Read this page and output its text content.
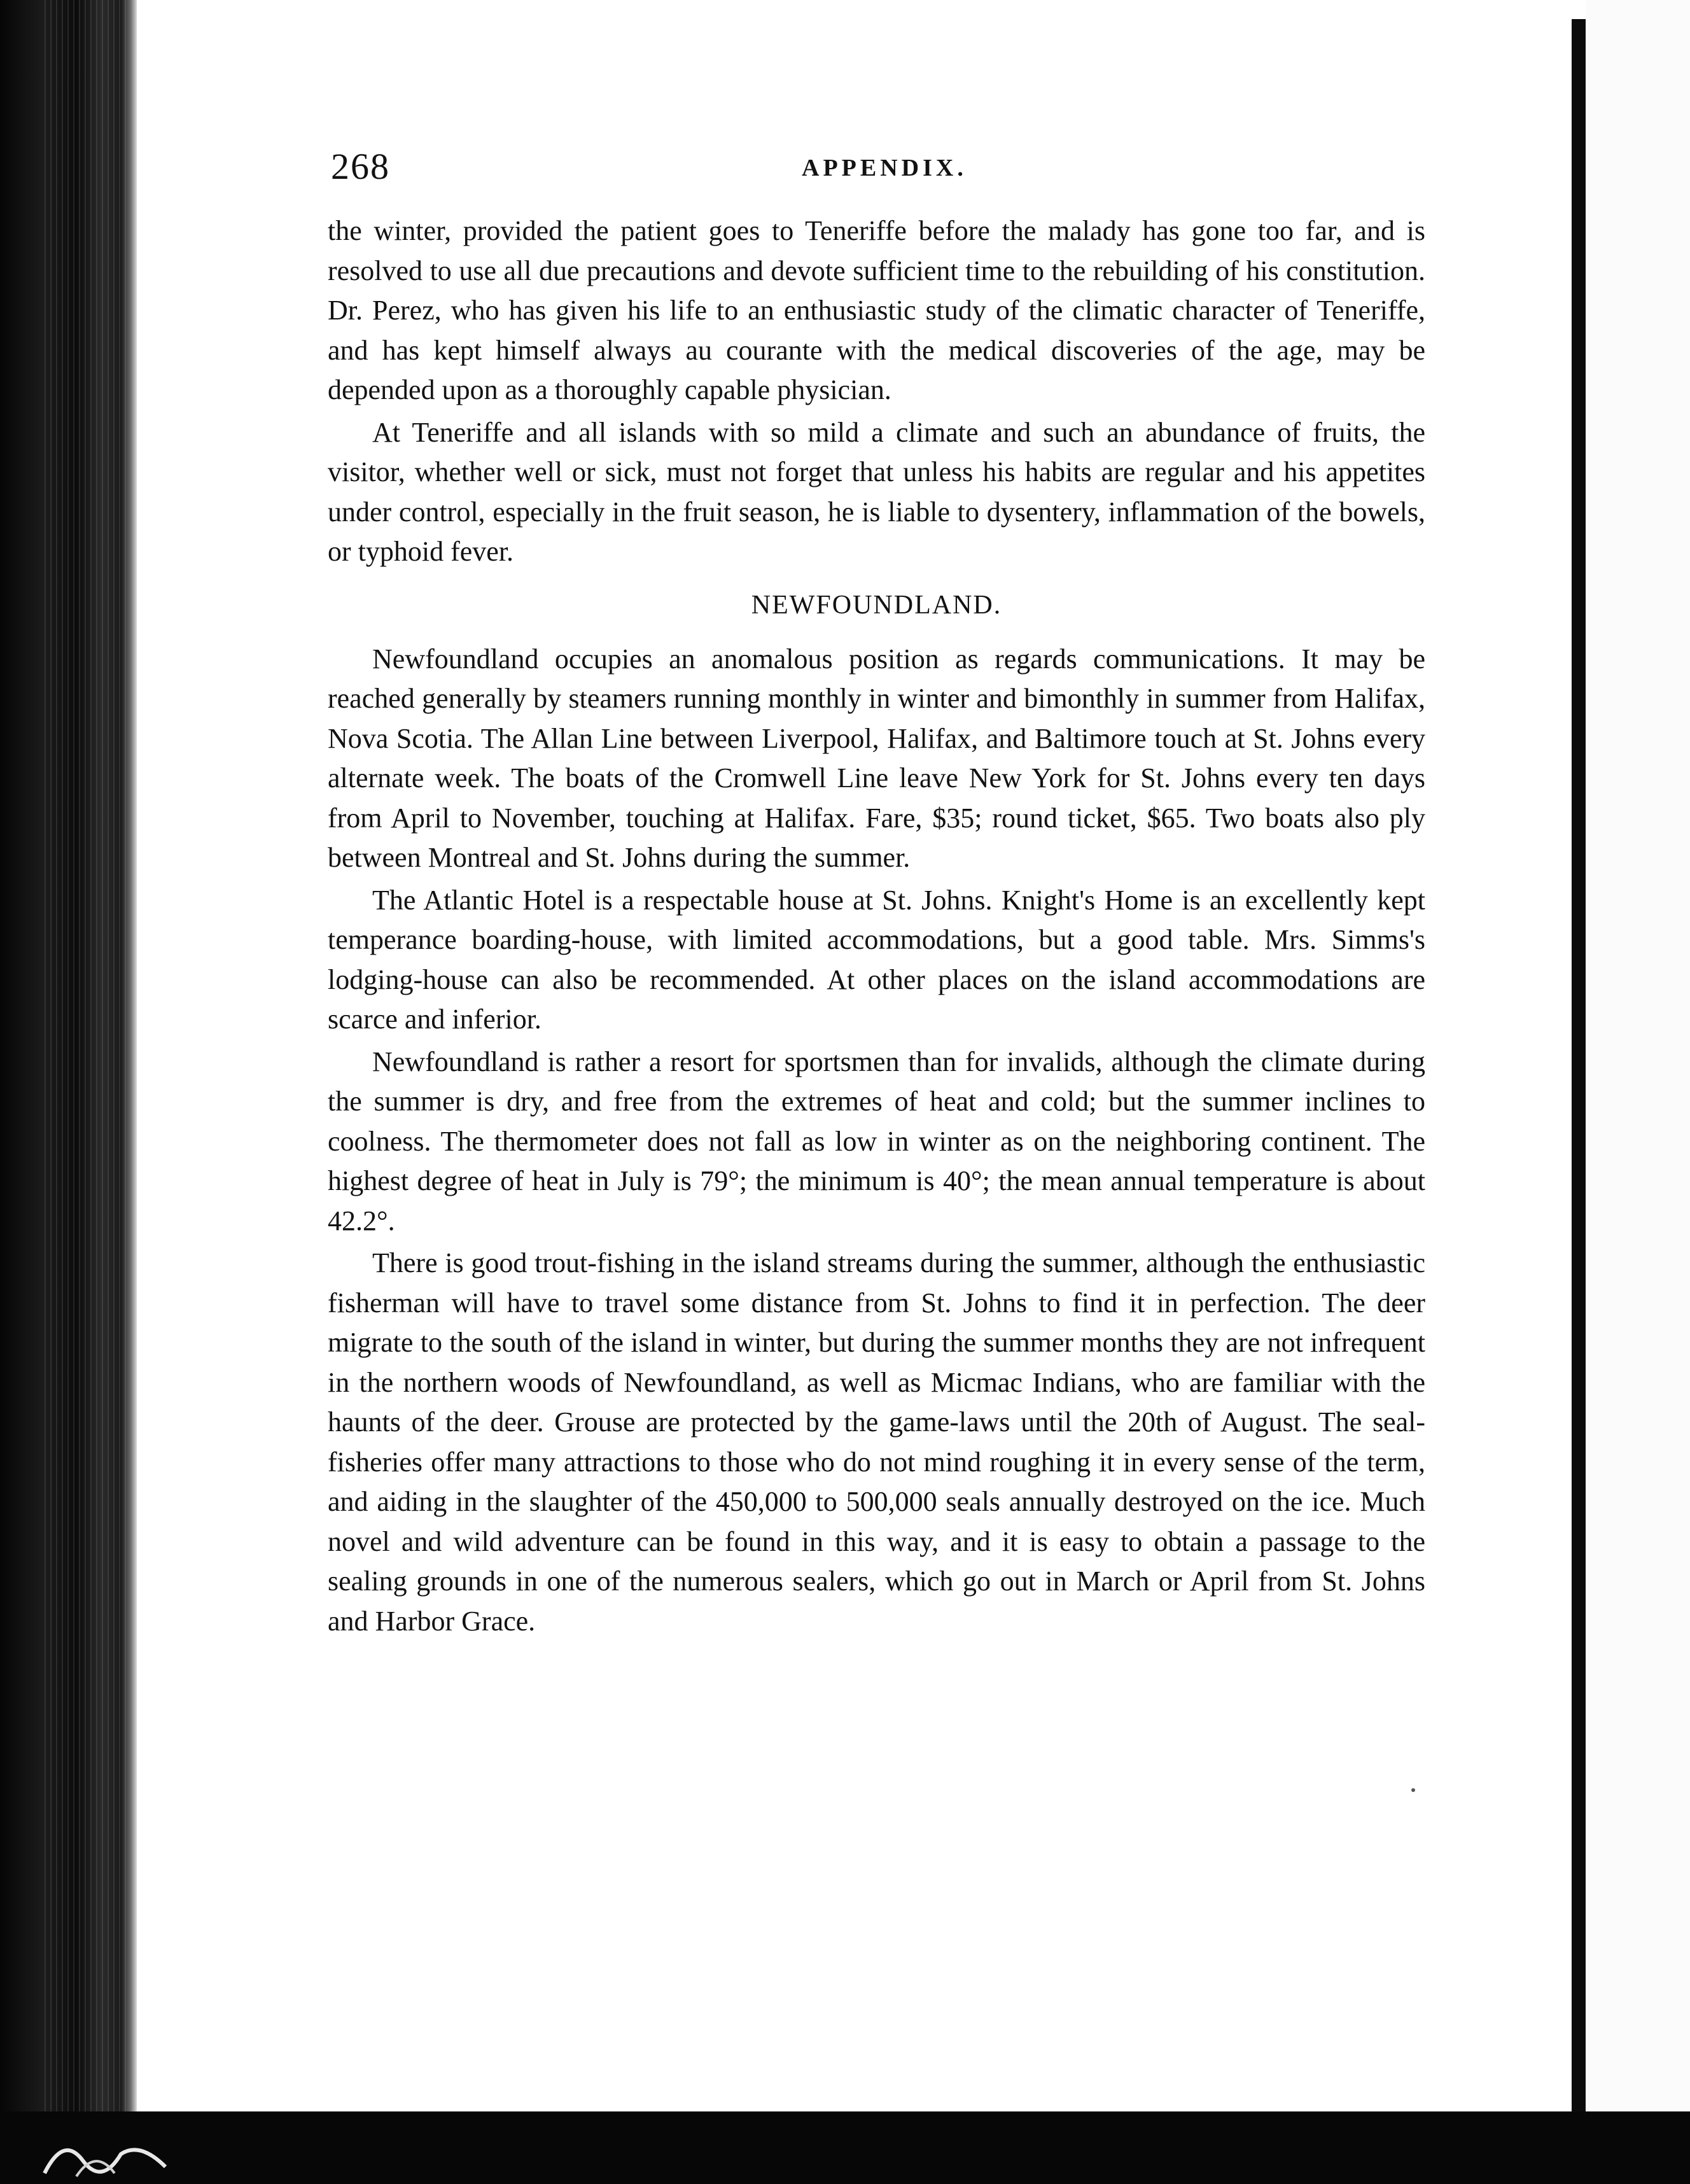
268	APPENDIX.

the winter, provided the patient goes to Teneriffe before the malady has gone too far, and is resolved to use all due precautions and devote sufficient time to the rebuilding of his constitution. Dr. Perez, who has given his life to an enthusiastic study of the climatic character of Teneriffe, and has kept himself always au courante with the medical discoveries of the age, may be depended upon as a thoroughly capable physician.

At Teneriffe and all islands with so mild a climate and such an abundance of fruits, the visitor, whether well or sick, must not forget that unless his habits are regular and his appetites under control, especially in the fruit season, he is liable to dysentery, inflammation of the bowels, or typhoid fever.

NEWFOUNDLAND.

Newfoundland occupies an anomalous position as regards communications. It may be reached generally by steamers running monthly in winter and bimonthly in summer from Halifax, Nova Scotia. The Allan Line between Liverpool, Halifax, and Baltimore touch at St. Johns every alternate week. The boats of the Cromwell Line leave New York for St. Johns every ten days from April to November, touching at Halifax. Fare, $35; round ticket, $65. Two boats also ply between Montreal and St. Johns during the summer.

The Atlantic Hotel is a respectable house at St. Johns. Knight's Home is an excellently kept temperance boarding-house, with limited accommodations, but a good table. Mrs. Simms's lodging-house can also be recommended. At other places on the island accommodations are scarce and inferior.

Newfoundland is rather a resort for sportsmen than for invalids, although the climate during the summer is dry, and free from the extremes of heat and cold; but the summer inclines to coolness. The thermometer does not fall as low in winter as on the neighboring continent. The highest degree of heat in July is 79°; the minimum is 40°; the mean annual temperature is about 42.2°.

There is good trout-fishing in the island streams during the summer, although the enthusiastic fisherman will have to travel some distance from St. Johns to find it in perfection. The deer migrate to the south of the island in winter, but during the summer months they are not infrequent in the northern woods of Newfoundland, as well as Micmac Indians, who are familiar with the haunts of the deer. Grouse are protected by the game-laws until the 20th of August. The seal-fisheries offer many attractions to those who do not mind roughing it in every sense of the term, and aiding in the slaughter of the 450,000 to 500,000 seals annually destroyed on the ice. Much novel and wild adventure can be found in this way, and it is easy to obtain a passage to the sealing grounds in one of the numerous sealers, which go out in March or April from St. Johns and Harbor Grace.
